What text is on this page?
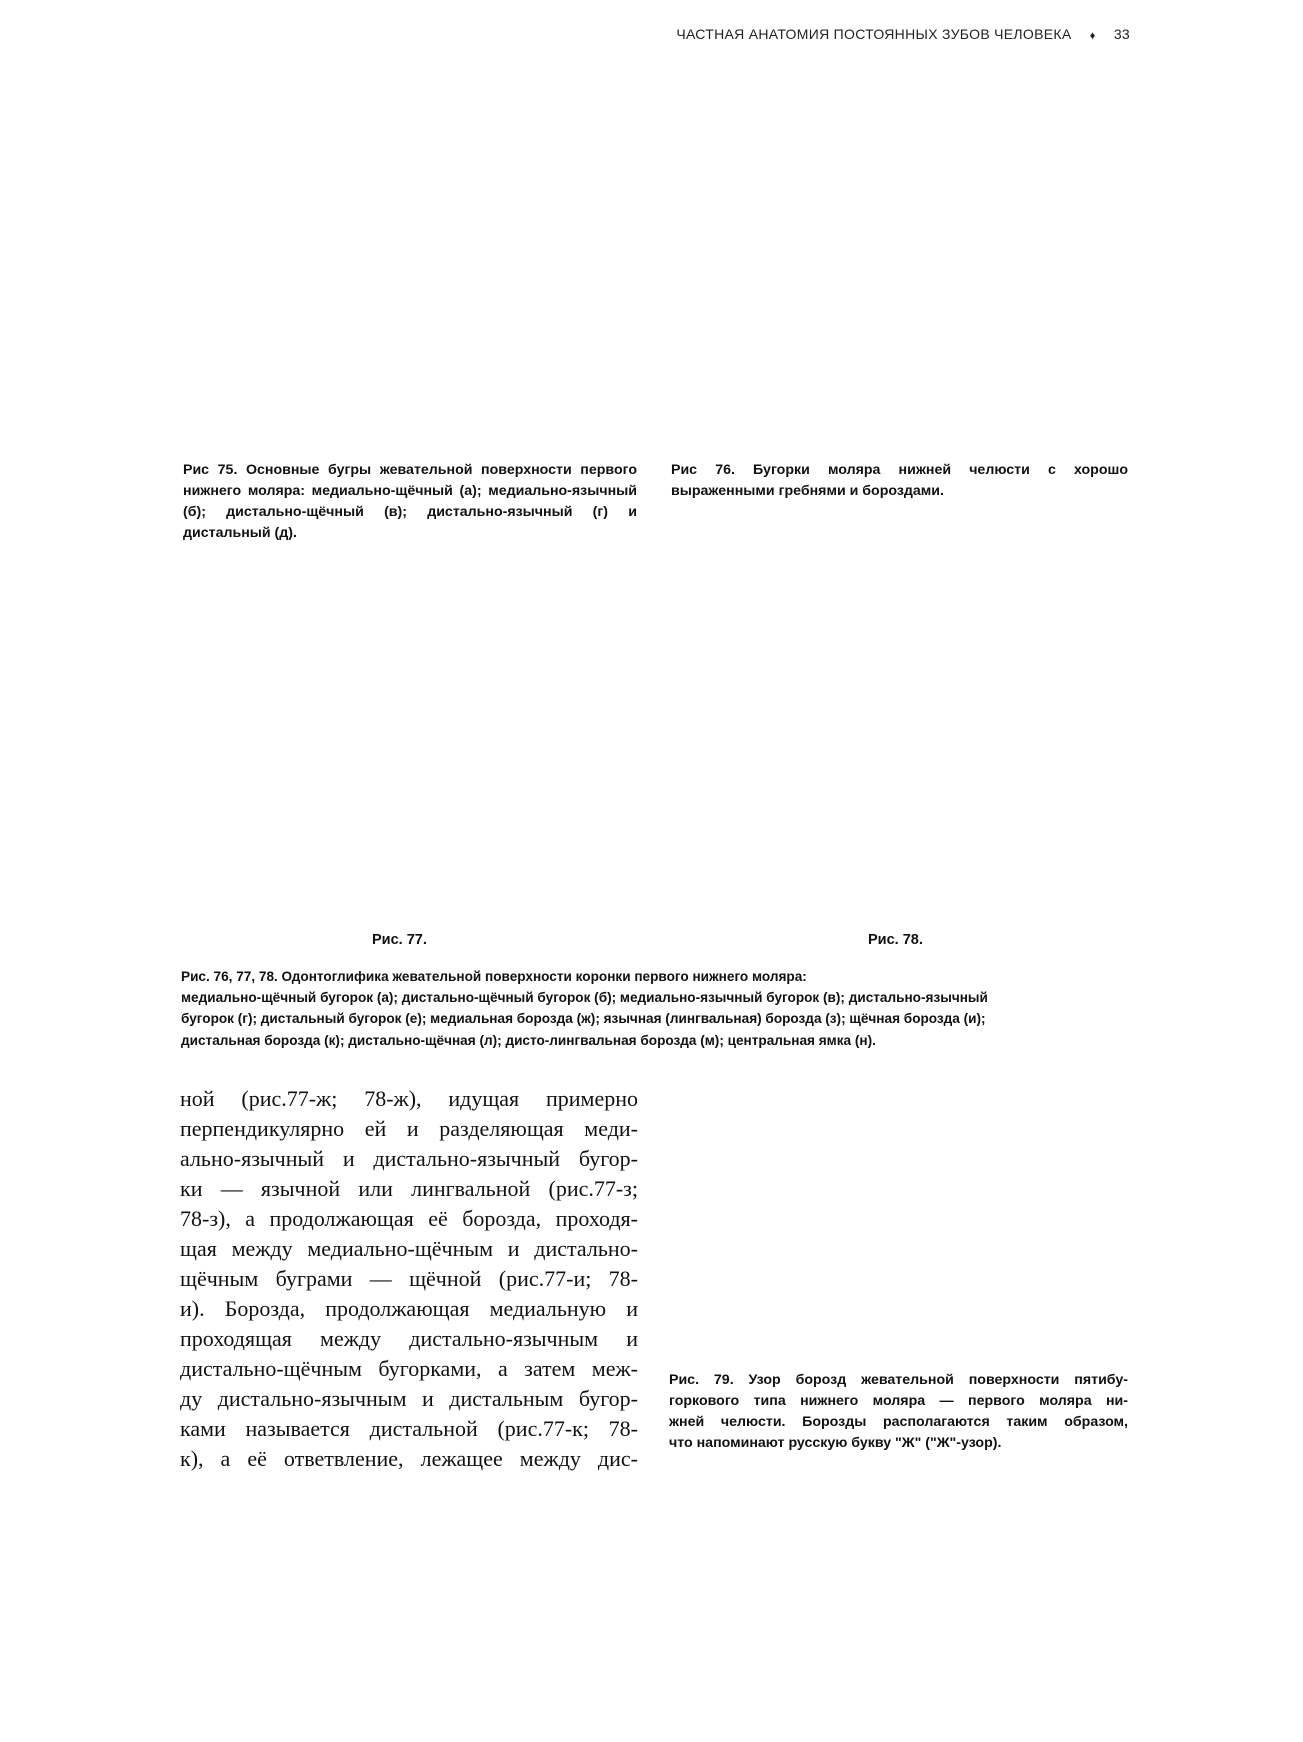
ЧАСТНАЯ АНАТОМИЯ ПОСТОЯННЫХ ЗУБОВ ЧЕЛОВЕКА ♦ 33
Рис 75. Основные бугры жевательной поверхности первого нижнего моляра: медиально-щёчный (а); медиально-язычный (б); дистально-щёчный (в); дистально-язычный (г) и дистальный (д).
Рис 76. Бугорки моляра нижней челюсти с хорошо выраженными гребнями и бороздами.
Рис. 77.	Рис. 78.
Рис. 76, 77, 78. Одонтоглифика жевательной поверхности коронки первого нижнего моляра:
медиально-щёчный бугорок (а); дистально-щёчный бугорок (б); медиально-язычный бугорок (в); дистально-язычный
бугорок (г); дистальный бугорок (е); медиальная борозда (ж); язычная (лингвальная) борозда (з); щёчная борозда (и);
дистальная борозда (к); дистально-щёчная (л); дисто-лингвальная борозда (м); центральная ямка (н).
ной (рис.77-ж; 78-ж), идущая примерно
перпендикулярно ей и разделяющая меди-
ально-язычный и дистально-язычный бугор-
ки — язычной или лингвальной (рис.77-з;
78-з), а продолжающая её борозда, проходя-
щая между медиально-щёчным и дистально-
щёчным буграми — щёчной (рис.77-и; 78-
и). Борозда, продолжающая медиальную и
проходящая между дистально-язычным и
дистально-щёчным бугорками, а затем меж-
ду дистально-язычным и дистальным бугор-
ками называется дистальной (рис.77-к; 78-
к), а её ответвление, лежащее между дис-
Рис. 79. Узор борозд жевательной поверхности пятибу-
горкового типа нижнего моляра — первого моляра ни-
жней челюсти. Борозды располагаются таким образом,
что напоминают русскую букву "Ж" ("Ж"-узор).
